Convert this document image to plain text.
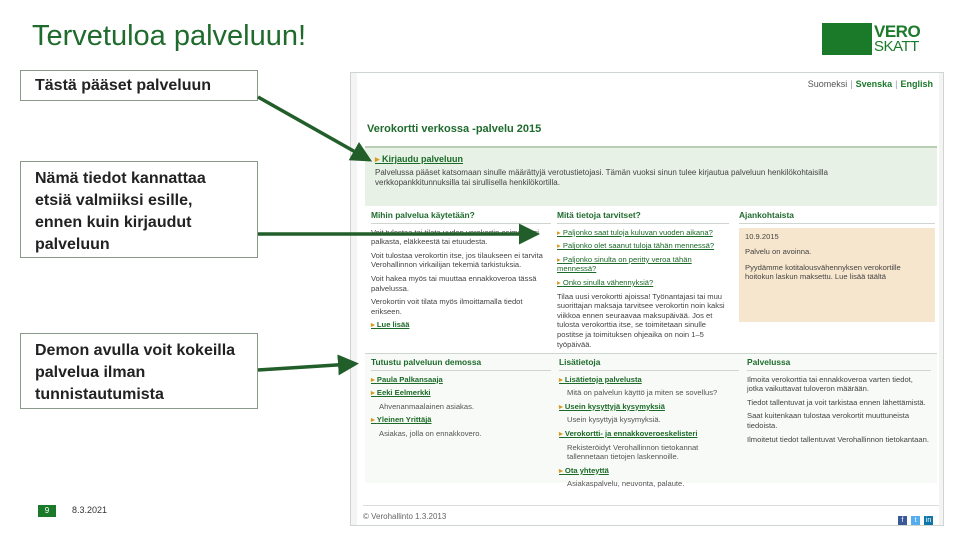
Tervetuloa palveluun!	VERO
SKATT
Tästä pääset palveluun
Nämä tiedot kannattaa etsiä valmiiksi esille, ennen kuin kirjaudut palveluun
Demon avulla voit kokeilla palvelua ilman tunnistautumista
Suomeksi | Svenska | English
Verokortti verkossa -palvelu 2015
▸ Kirjaudu palveluun
Palvelussa pääset katsomaan sinulle määrättyjä verotustietojasi. Tämän vuoksi sinun tulee kirjautua palveluun henkilökohtaisilla verkkopankkitunnuksilla tai sirullisella henkilökortilla.
Mihin palvelua käytetään?

Voit tulostaa tai tilata uuden verokortin esimerkiksi palkasta, eläkkeestä tai etuudesta.

Voit tulostaa verokortin itse, jos tilaukseen ei tarvita Verohallinnon virkailijan tekemiä tarkistuksia.

Voit hakea myös tai muuttaa ennakkoveroa tässä palvelussa.

Verokortin voit tilata myös ilmoittamalla tiedot erikseen.

▸ Lue lisää

Mitä tietoja tarvitset?

▸ Paljonko saat tuloja kuluvan vuoden aikana?

▸ Paljonko olet saanut tuloja tähän mennessä?

▸ Paljonko sinulta on peritty veroa tähän mennessä?

▸ Onko sinulla vähennyksiä?

Tilaa uusi verokortti ajoissa! Työnantajasi tai muu suorittajan maksaja tarvitsee verokortin noin kaksi viikkoa ennen seuraavaa maksupäivää. Jos et tulosta verokorttia itse, se toimitetaan sinulle postitse ja toimituksen ohjeaika on noin 1–5 työpäivää.

Ajankohtaista

10.9.2015

Palvelu on avoinna.

Pyydämme kotitalousvähennyksen verokortille hoitokun laskun maksettu. Lue lisää täältä

Tutustu palveluun demossa

▸ Paula Palkansaaja

▸ Eeki Eelmerkki

Ahvenanmaalainen asiakas.

▸ Yleinen Yrittäjä

Asiakas, jolla on ennakkovero.

Lisätietoja

▸ Lisätietoja palvelusta

Mitä on palvelun käyttö ja miten se sovellus?

▸ Usein kysyttyjä kysymyksiä

Usein kysyttyjä kysymyksiä.

▸ Verokortti- ja ennakkoveroeskelisteri

Rekisteröidyt Verohallinnon tietokannat tallennetaan tietojen laskennoille.

▸ Ota yhteyttä

Asiakaspalvelu, neuvonta, palaute.

Palvelussa

Ilmoita verokorttia tai ennakkoveroa varten tiedot, jotka vaikuttavat tuloveron määrään.

Tiedot tallentuvat ja voit tarkistaa ennen lähettämistä.

Saat kuitenkaan tulostaa verokortit muuttuneista tiedoista.

Ilmoitetut tiedot tallentuvat Verohallinnon tietokantaan.

© Verohallinto 1.3.2013	f t in
9	8.3.2021
